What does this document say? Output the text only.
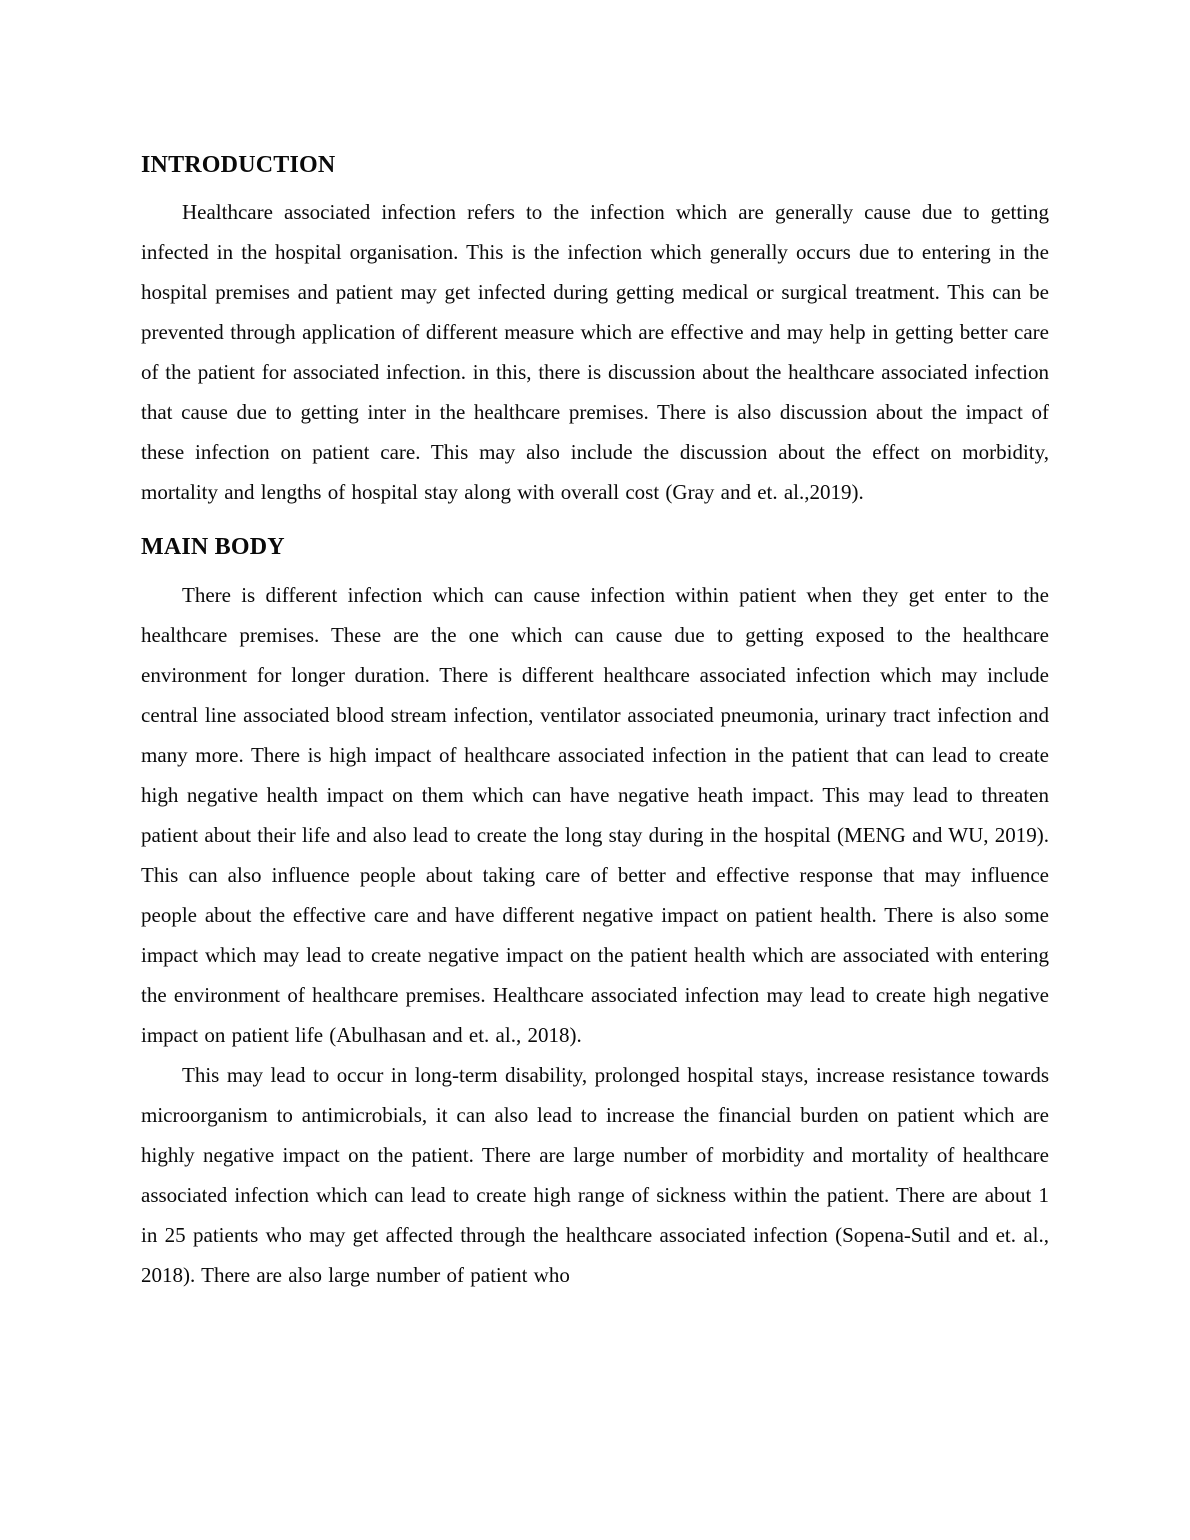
INTRODUCTION

Healthcare associated infection refers to the infection which are generally cause due to getting infected in the hospital organisation. This is the infection which generally occurs due to entering in the hospital premises and patient may get infected during getting medical or surgical treatment. This can be prevented through application of different measure which are effective and may help in getting better care of the patient for associated infection. in this, there is discussion about the healthcare associated infection that cause due to getting inter in the healthcare premises. There is also discussion about the impact of these infection on patient care. This may also include the discussion about the effect on morbidity, mortality and lengths of hospital stay along with overall cost (Gray and et. al.,2019).

MAIN BODY

There is different infection which can cause infection within patient when they get enter to the healthcare premises. These are the one which can cause due to getting exposed to the healthcare environment for longer duration. There is different healthcare associated infection which may include central line associated blood stream infection, ventilator associated pneumonia, urinary tract infection and many more. There is high impact of healthcare associated infection in the patient that can lead to create high negative health impact on them which can have negative heath impact. This may lead to threaten patient about their life and also lead to create the long stay during in the hospital (MENG and WU, 2019). This can also influence people about taking care of better and effective response that may influence people about the effective care and have different negative impact on patient health. There is also some impact which may lead to create negative impact on the patient health which are associated with entering the environment of healthcare premises. Healthcare associated infection may lead to create high negative impact on patient life (Abulhasan and et. al., 2018).

This may lead to occur in long-term disability, prolonged hospital stays, increase resistance towards microorganism to antimicrobials, it can also lead to increase the financial burden on patient which are highly negative impact on the patient. There are large number of morbidity and mortality of healthcare associated infection which can lead to create high range of sickness within the patient. There are about 1 in 25 patients who may get affected through the healthcare associated infection (Sopena-Sutil and et. al., 2018). There are also large number of patient who
